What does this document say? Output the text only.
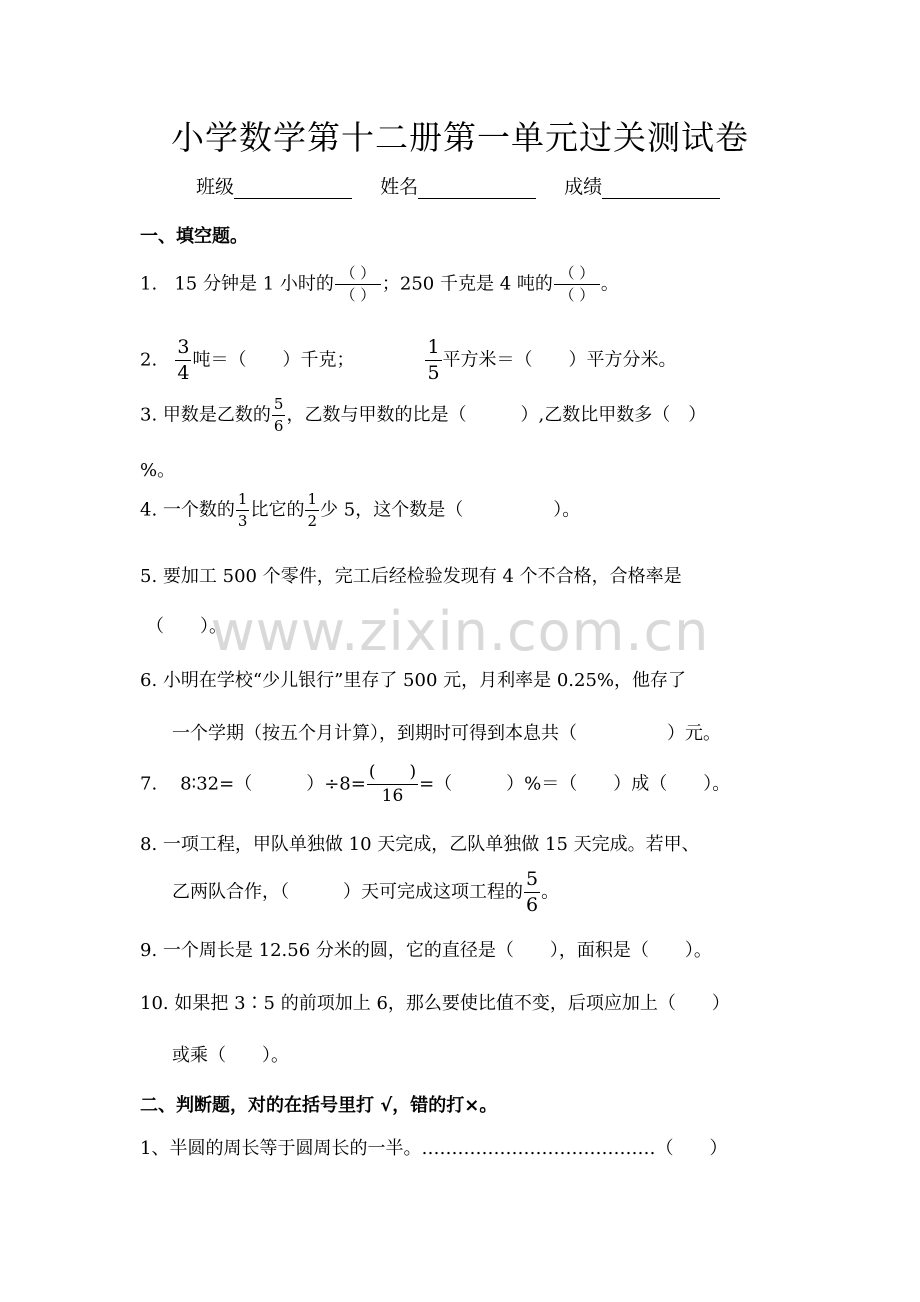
小学数学第十二册第一单元过关测试卷
班级	姓名	成绩
一、填空题。
1. 15 分钟是 1 小时的 $\frac{( )}{( )}$ ；250 千克是 4 吨的 $\frac{( )}{( )}$ 。
2. $\frac{3}{4}$ 吨＝（　　）千克；	$\frac{1}{5}$ 平方米＝（　　）平方分米。
3. 甲数是乙数的 $\frac{5}{6}$ ，乙数与甲数的比是（　　　）,乙数比甲数多（　）
%。
4. 一个数的 $\frac{1}{3}$ 比它的 $\frac{1}{2}$ 少 5，这个数是（　　　　　）。
5. 要加工 500 个零件，完工后经检验发现有 4 个不合格，合格率是
（　　）。
6. 小明在学校“少儿银行”里存了 500 元，月利率是 0.25%，他存了
一个学期（按五个月计算），到期时可得到本息共（　　　　　）元。
7. 8∶32=（　　　）$\div 8= \frac{( )}{16}$ =（　　　）%＝（　　）成（　　）。
8. 一项工程，甲队单独做 10 天完成，乙队单独做 15 天完成。若甲、
乙两队合作，（　　　）天可完成这项工程的 $\frac{5}{6}$ 。
9. 一个周长是 12.56 分米的圆，它的直径是（　　），面积是（　　）。
10. 如果把 3∶5 的前项加上 6，那么要使比值不变，后项应加上（　　）
或乘（　　）。
二、判断题，对的在括号里打 √，错的打×。
1、半圆的周长等于圆周长的一半。…………………………………（　　）
www.zixin.com.cn
